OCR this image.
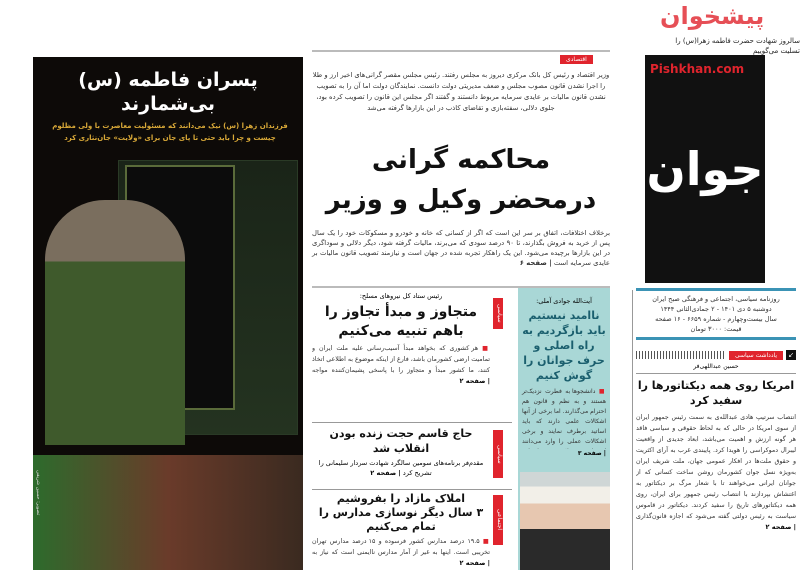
پیشخوان
سالروز شهادت حضرت فاطمه زهرا(س) را تسلیت می‌گوییم
Pishkhan.com
جوان
روزنامه سیاسی، اجتماعی و فرهنگی صبح ایران
دوشنبه ۵ دی ۱۴۰۱ - ۲ جمادی‌الثانی ۱۴۴۴
سال بیست‌وچهارم - شماره ۶۶۵۹ - ۱۶ صفحه
قیمت: ۳۰۰۰ تومان
↙
یادداشت سیاسی
حسین عبداللهی‌فر
امریکا روی همه دیکتاتورها را سفید کرد
انتصاب سرتیپ هادی عبدالله‌ی به سمت رئیس جمهور ایران از سوی امریکا در حالی که به لحاظ حقوقی و سیاسی فاقد هر گونه ارزش و اهمیت می‌باشد، ابعاد جدیدی از واقعیت لیبرال دموکراسی را هویدا کرد. پایبندی غرب به آرای اکثریت و حقوق ملت‌ها در افکار عمومی جهان، ملت شریف ایران به‌ویژه نسل جوان کشورمان روشن ساخت کسانی که از جوانان ایرانی می‌خواهند تا با شعار مرگ بر دیکتاتور به اغتشاش بپردازند با انتصاب رئیس جمهور برای ایران، روی همه دیکتاتورهای تاریخ را سفید کردند. دیکتاتور در قاموس سیاست به رئیس دولتی گفته می‌شود که اجازه قانون‌گذاری
| صفحه ۲
اقتصادی
وزیر اقتصاد و رئیس کل بانک مرکزی دیروز به مجلس رفتند. رئیس مجلس مقصر گرانی‌های اخیر ارز و طلا را اجرا نشدن قانون مصوب مجلس و ضعف مدیریتی دولت دانست. نمایندگان دولت اما آن را به تصویب نشدن قانون مالیات بر عایدی سرمایه مربوط دانستند و گفتند اگر مجلس این قانون را تصویب کرده بود، جلوی دلالی، سفته‌بازی و تقاضای کاذب در این بازارها گرفته می‌شد
محاکمه گرانی
درمحضر وکیل و وزیر
برخلاف اختلافات، اتفاق بر سر این است که اگر از کسانی که خانه و خودرو و مسکوکات خود را یک سال پس از خرید به فروش بگذارند، تا ۹۰ درصد سودی که می‌برند، مالیات گرفته شود، دیگر دلالی و سوداگری در این بازارها برچیده می‌شود. این یک راهکار تجربه شده در جهان است و نیازمند تصویب قانون مالیات بر عایدی سرمایه است | صفحه ۶
سیاسی
رئیس ستاد کل نیروهای مسلح:
متجاوز و مبدأ تجاوز را باهم تنبیه می‌کنیم
■ هر کشوری که بخواهد مبدأ آسیب‌رسانی علیه ملت ایران و تمامیت ارضی کشورمان باشد، فارغ از اینکه موضوع به اطلاعی اتخاذ کنند، ما کشور مبدأ و متجاوز را با پاسخی پشیمان‌کننده مواجه
| صفحه ۲
سیاسی
حاج قاسم حجت زنده بودن انقلاب شد
مقدم‌فر برنامه‌های سومین سالگرد شهادت سردار سلیمانی را تشریح کرد | صفحه ۲
اجتماعی
املاک مازاد را بفروشیم
۳ سال دیگر نوسازی مدارس را تمام می‌کنیم
■ ۱۹.۵ درصد مدارس کشور فرسوده و ۱۵ درصد مدارس تهران تخریبی است. اینها به غیر از آمار مدارس ناایمنی است که نیاز به
| صفحه ۲
آیت‌الله جوادی آملی:
ناامید نیستیم باید بازگردیم به راه اصلی و حرف جوانان را گوش کنیم
■ دانشجوها به فطرت نزدیک‌تر هستند و به نظم و قانون هم احترام می‌گذارند. اما برخی از آنها اشکالات علمی دارند که باید اساتید برطرف نمایند و برخی اشکالات عملی را وارد می‌دانند
| صفحه ۳
پسران فاطمه (س) بی‌شمارند
فرزندان زهرا (س) نیک می‌دانند که مسئولیت معاصرت با ولی مظلوم چیست و چرا باید حتی تا پای جان برای «ولایت» جان‌نثاری کرد
تصویر: حسین شریفی
